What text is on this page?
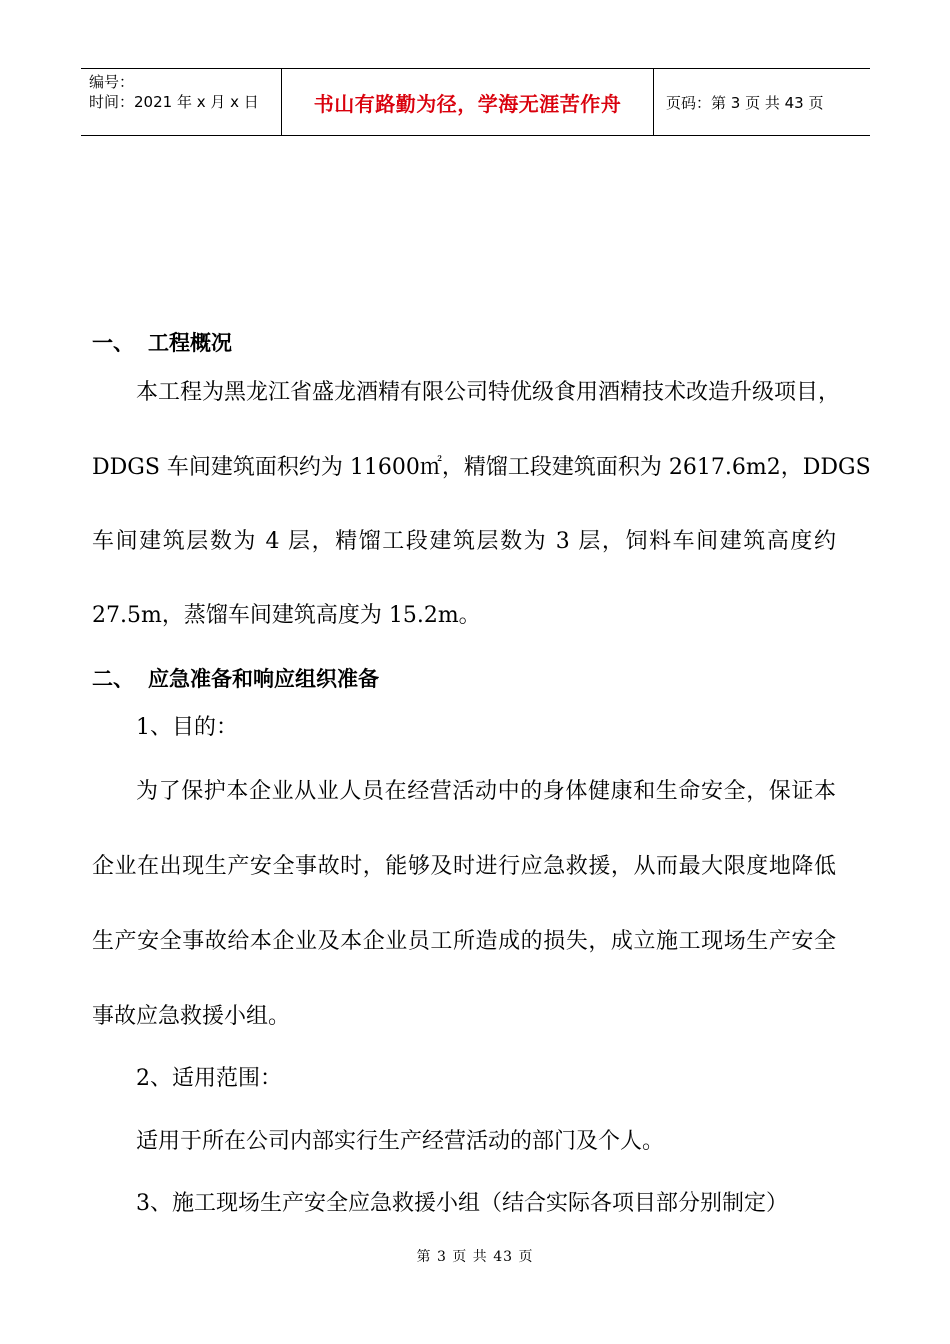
编号：
时间：2021 年 x 月 x 日	书山有路勤为径，学海无涯苦作舟	页码：第 3 页 共 43 页
一、 工程概况
本工程为黑龙江省盛龙酒精有限公司特优级食用酒精技术改造升级项目，
DDGS 车间建筑面积约为 11600㎡，精馏工段建筑面积为 2617.6m2，DDGS
车间建筑层数为 4 层，精馏工段建筑层数为 3 层，饲料车间建筑高度约
27.5m，蒸馏车间建筑高度为 15.2m。
二、 应急准备和响应组织准备
1、目的：
为了保护本企业从业人员在经营活动中的身体健康和生命安全，保证本
企业在出现生产安全事故时，能够及时进行应急救援，从而最大限度地降低
生产安全事故给本企业及本企业员工所造成的损失，成立施工现场生产安全
事故应急救援小组。
2、适用范围：
适用于所在公司内部实行生产经营活动的部门及个人。
3、施工现场生产安全应急救援小组（结合实际各项目部分别制定）
第 3 页 共 43 页
